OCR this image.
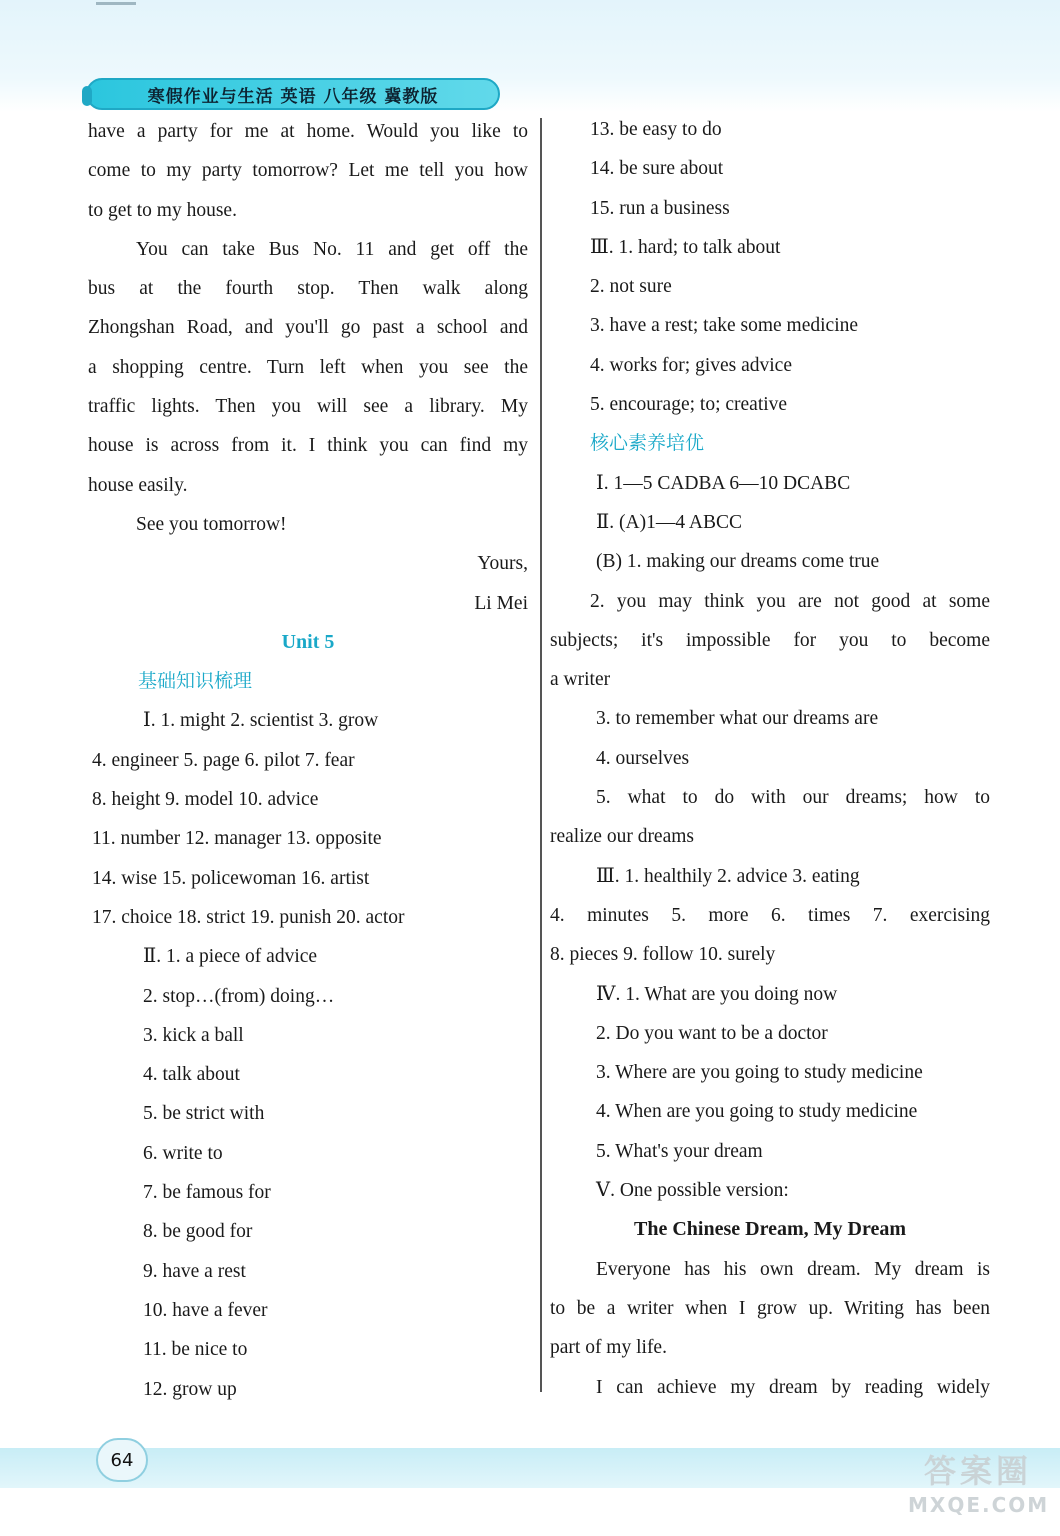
寒假作业与生活 英语 八年级 冀教版
have a party for me at home. Would you like to
come to my party tomorrow? Let me tell you how
to get to my house.
You can take Bus No. 11 and get off the
bus at the fourth stop. Then walk along
Zhongshan Road, and you'll go past a school and
a shopping centre. Turn left when you see the
traffic lights. Then you will see a library. My
house is across from it. I think you can find my
house easily.
See you tomorrow!
Yours,
Li Mei
Unit 5
基础知识梳理
Ⅰ. 1. might 2. scientist 3. grow
4. engineer 5. page 6. pilot 7. fear
8. height 9. model 10. advice
11. number 12. manager 13. opposite
14. wise 15. policewoman 16. artist
17. choice 18. strict 19. punish 20. actor
Ⅱ. 1. a piece of advice
2. stop…(from) doing…
3. kick a ball
4. talk about
5. be strict with
6. write to
7. be famous for
8. be good for
9. have a rest
10. have a fever
11. be nice to
12. grow up
13. be easy to do
14. be sure about
15. run a business
Ⅲ. 1. hard; to talk about
2. not sure
3. have a rest; take some medicine
4. works for; gives advice
5. encourage; to; creative
核心素养培优
Ⅰ. 1—5 CADBA 6—10 DCABC
Ⅱ. (A)1—4 ABCC
(B) 1. making our dreams come true
2. you may think you are not good at some
subjects; it's impossible for you to become
a writer
3. to remember what our dreams are
4. ourselves
5. what to do with our dreams; how to
realize our dreams
Ⅲ. 1. healthily 2. advice 3. eating
4. minutes 5. more 6. times 7. exercising
8. pieces 9. follow 10. surely
Ⅳ. 1. What are you doing now
2. Do you want to be a doctor
3. Where are you going to study medicine
4. When are you going to study medicine
5. What's your dream
Ⅴ. One possible version:
The Chinese Dream, My Dream
Everyone has his own dream. My dream is
to be a writer when I grow up. Writing has been
part of my life.
I can achieve my dream by reading widely
64	答案圈
MXQE.COM
